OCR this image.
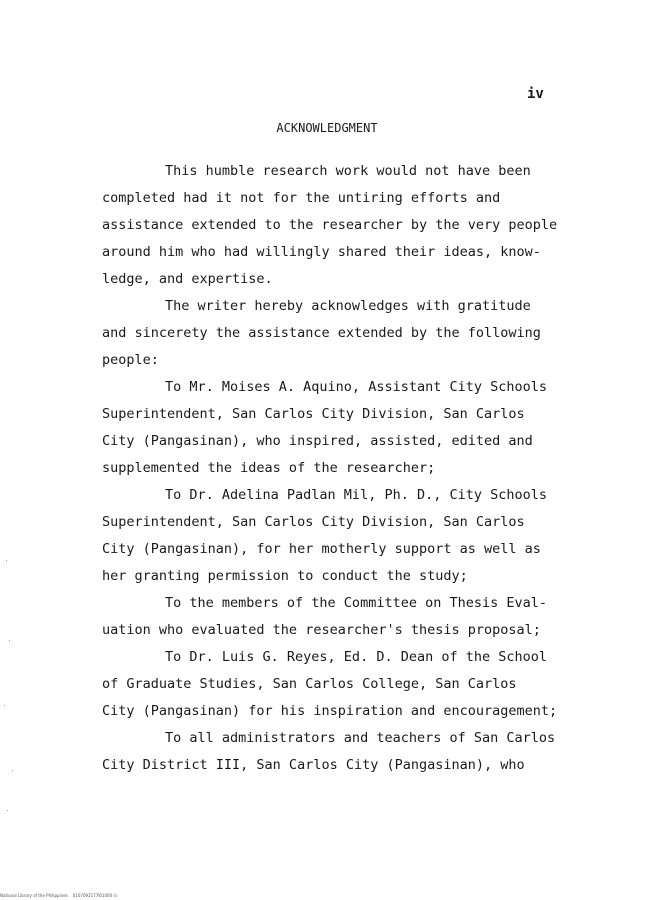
iv
ACKNOWLEDGMENT
This humble research work would not have been
completed had it not for the untiring efforts and
assistance extended to the researcher by the very people
around him who had willingly shared their ideas, know-
ledge, and expertise.
The writer hereby acknowledges with gratitude
and sincerety the assistance extended by the following
people:
To Mr. Moises A. Aquino, Assistant City Schools
Superintendent, San Carlos City Division, San Carlos
City (Pangasinan), who inspired, assisted, edited and
supplemented the ideas of the researcher;
To Dr. Adelina Padlan Mil, Ph. D., City Schools
Superintendent, San Carlos City Division, San Carlos
City (Pangasinan), for her motherly support as well as
her granting permission to conduct the study;
To the members of the Committee on Thesis Eval-
uation who evaluated the researcher's thesis proposal;
To Dr. Luis G. Reyes, Ed. D. Dean of the School
of Graduate Studies, San Carlos College, San Carlos
City (Pangasinan) for his inspiration and encouragement;
To all administrators and teachers of San Carlos
City District III, San Carlos City (Pangasinan), who
National Library of the Philippines    0107092177I01000 iii
